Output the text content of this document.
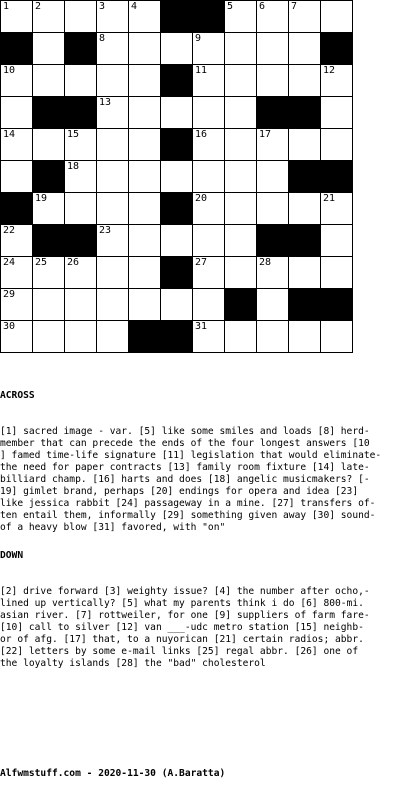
1	2		3	4			5	6	7	

			8			9				

10						11				12

			13							

14		15				16		17		

		18								

	19					20				21

22			23							

24	25	26				27		28		

29										

30						31				

ACROSS

[1] sacred image - var. [5] like some smiles and loads [8] herd-
member that can precede the ends of the four longest answers [10
] famed time-life signature [11] legislation that would eliminate-
the need for paper contracts [13] family room fixture [14] late-
billiard champ. [16] harts and does [18] angelic musicmakers? [-
19] gimlet brand, perhaps [20] endings for opera and idea [23]
like jessica rabbit [24] passageway in a mine. [27] transfers of-
ten entail them, informally [29] something given away [30] sound-
of a heavy blow [31] favored, with "on"

DOWN

[2] drive forward [3] weighty issue? [4] the number after ocho,-
lined up vertically? [5] what my parents think i do [6] 800-mi.
asian river. [7] rottweiler, for one [9] suppliers of farm fare-
[10] call to silver [12] van ___-udc metro station [15] neighb-
or of afg. [17] that, to a nuyorican [21] certain radios; abbr.
[22] letters by some e-mail links [25] regal abbr. [26] one of
the loyalty islands [28] the "bad" cholesterol

Alfwmstuff.com - 2020-11-30 (A.Baratta)
